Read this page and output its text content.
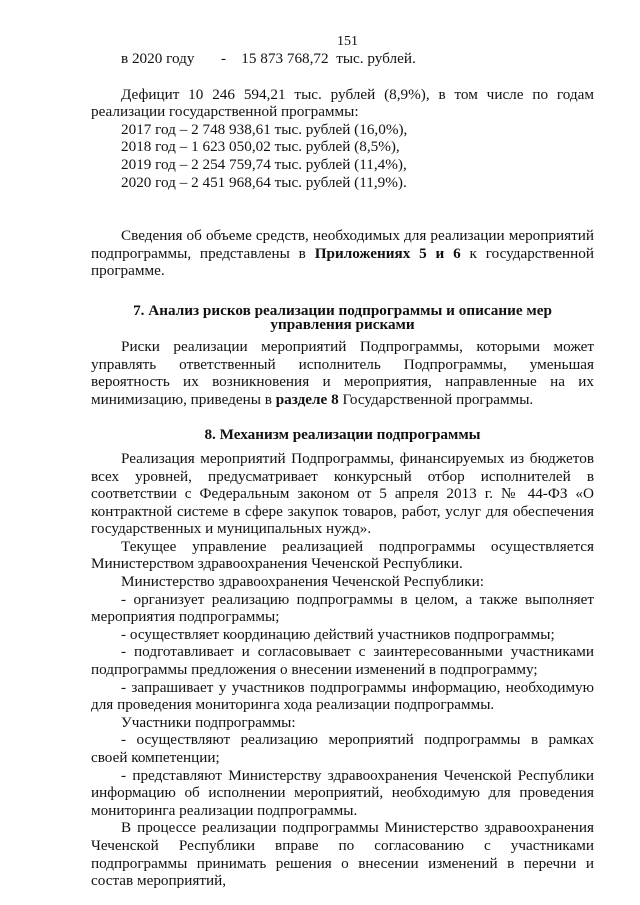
151

в 2020 году       -    15 873 768,72  тыс. рублей.

Дефицит 10 246 594,21 тыс. рублей (8,9%), в том числе по годам реализации государственной программы:

2017 год – 2 748 938,61 тыс. рублей (16,0%),

2018 год – 1 623 050,02 тыс. рублей (8,5%),

2019 год – 2 254 759,74 тыс. рублей (11,4%),

2020 год – 2 451 968,64 тыс. рублей (11,9%).

Сведения об объеме средств, необходимых для реализации мероприятий подпрограммы, представлены в Приложениях 5 и 6 к государственной программе.

7. Анализ рисков реализации подпрограммы и описание мер управления рисками

Риски реализации мероприятий Подпрограммы, которыми может управлять ответственный исполнитель Подпрограммы, уменьшая вероятность их возникновения и мероприятия, направленные на их минимизацию, приведены в разделе 8 Государственной программы.

8. Механизм реализации подпрограммы

Реализация мероприятий Подпрограммы, финансируемых из бюджетов всех уровней, предусматривает конкурсный отбор исполнителей в соответствии с Федеральным законом от 5 апреля 2013 г. № 44-ФЗ «О контрактной системе в сфере закупок товаров, работ, услуг для обеспечения государственных и муниципальных нужд».

Текущее управление реализацией подпрограммы осуществляется Министерством здравоохранения Чеченской Республики.

Министерство здравоохранения Чеченской Республики:

- организует реализацию подпрограммы в целом, а также выполняет мероприятия подпрограммы;

- осуществляет координацию действий участников подпрограммы;

- подготавливает и согласовывает с заинтересованными участниками подпрограммы предложения о внесении изменений в подпрограмму;

- запрашивает у участников подпрограммы информацию, необходимую для проведения мониторинга хода реализации подпрограммы.

Участники подпрограммы:

- осуществляют реализацию мероприятий подпрограммы в рамках своей компетенции;

- представляют Министерству здравоохранения Чеченской Республики информацию об исполнении мероприятий, необходимую для проведения мониторинга реализации подпрограммы.

В процессе реализации подпрограммы Министерство здравоохранения Чеченской Республики вправе по согласованию с участниками подпрограммы принимать решения о внесении изменений в перечни и состав мероприятий,
